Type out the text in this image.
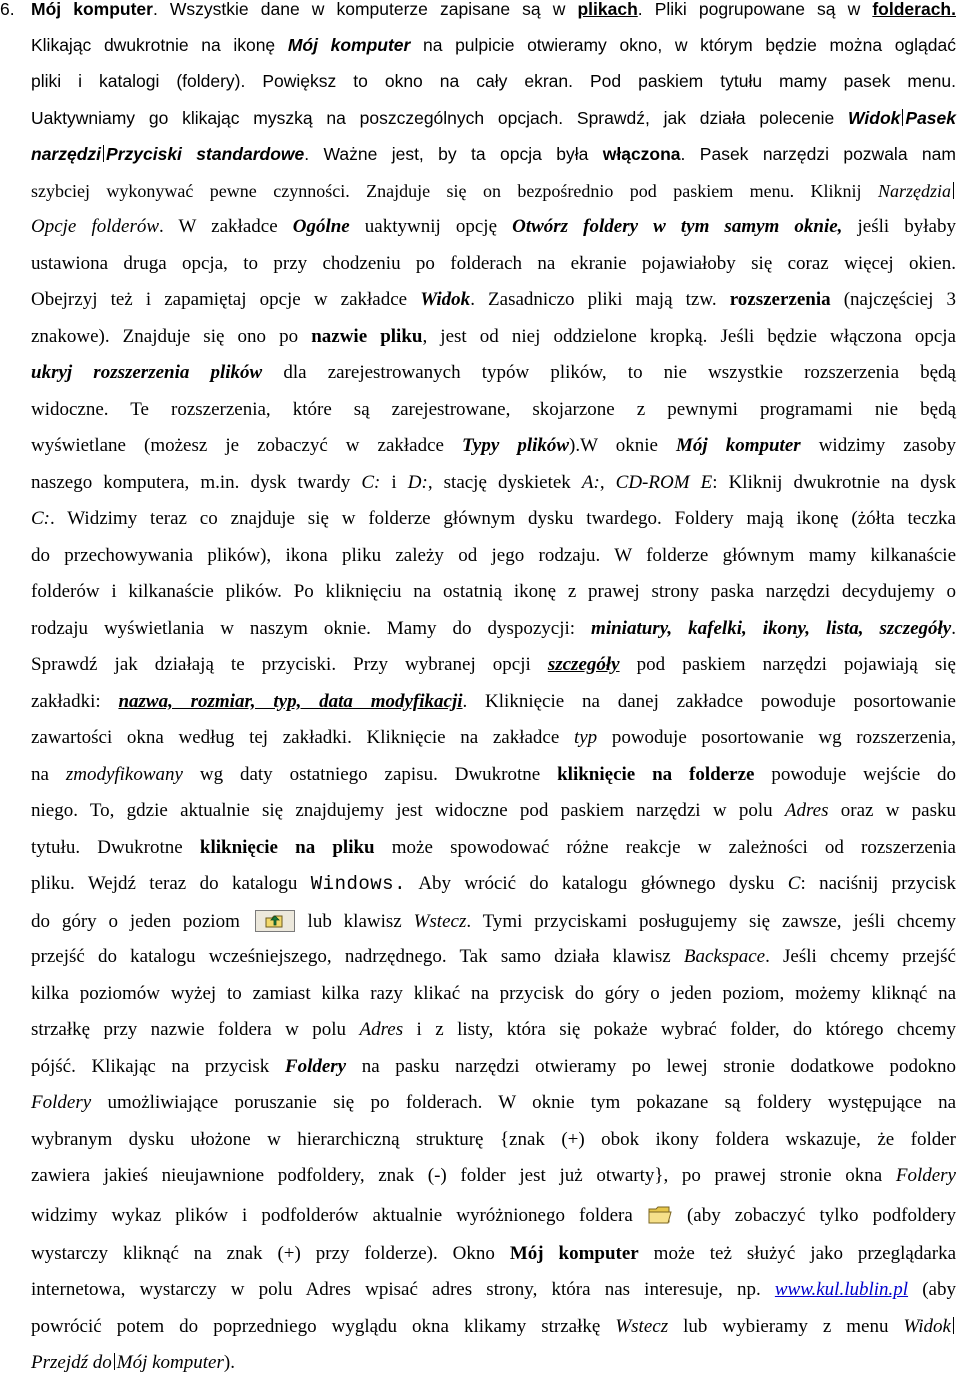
6. Mój komputer. Wszystkie dane w komputerze zapisane są w plikach. Pliki pogrupowane są w folderach.
Klikając dwukrotnie na ikonę Mój komputer na pulpicie otwieramy okno, w którym będzie można oglądać
pliki i katalogi (foldery). Powiększ to okno na cały ekran. Pod paskiem tytułu mamy pasek menu.
Uaktywniamy go klikając myszką na poszczególnych opcjach. Sprawdź, jak działa polecenie Widok Pasek
narzędzi Przyciski standardowe. Ważne jest, by ta opcja była włączona. Pasek narzędzi pozwala nam
szybciej wykonywać pewne czynności. Znajduje się on bezpośrednio pod paskiem menu. Kliknij Narzędzia
Opcje folderów. W zakładce Ogólne uaktywnij opcję Otwórz foldery w tym samym oknie, jeśli byłaby
ustawiona druga opcja, to przy chodzeniu po folderach na ekranie pojawiałoby się coraz więcej okien.
Obejrzyj też i zapamiętaj opcje w zakładce Widok. Zasadniczo pliki mają tzw. rozszerzenia (najczęściej 3
znakowe). Znajduje się ono po nazwie pliku, jest od niej oddzielone kropką. Jeśli będzie włączona opcja
ukryj rozszerzenia plików dla zarejestrowanych typów plików, to nie wszystkie rozszerzenia będą
widoczne. Te rozszerzenia, które są zarejestrowane, skojarzone z pewnymi programami nie będą
wyświetlane (możesz je zobaczyć w zakładce Typy plików).W oknie Mój komputer widzimy zasoby
naszego komputera, m.in. dysk twardy C: i D:, stację dyskietek A:, CD-ROM E: Kliknij dwukrotnie na dysk
C:. Widzimy teraz co znajduje się w folderze głównym dysku twardego. Foldery mają ikonę (żółta teczka
do przechowywania plików), ikona pliku zależy od jego rodzaju. W folderze głównym mamy kilkanaście
folderów i kilkanaście plików. Po kliknięciu na ostatnią ikonę z prawej strony paska narzędzi decydujemy o
rodzaju wyświetlania w naszym oknie. Mamy do dyspozycji: miniatury, kafelki, ikony, lista, szczegóły.
Sprawdź jak działają te przyciski. Przy wybranej opcji szczegóły pod paskiem narzędzi pojawiają się
zakładki: nazwa, rozmiar, typ, data modyfikacji. Kliknięcie na danej zakładce powoduje posortowanie
zawartości okna według tej zakładki. Kliknięcie na zakładce typ powoduje posortowanie wg rozszerzenia,
na zmodyfikowany wg daty ostatniego zapisu. Dwukrotne kliknięcie na folderze powoduje wejście do
niego. To, gdzie aktualnie się znajdujemy jest widoczne pod paskiem narzędzi w polu Adres oraz w pasku
tytułu. Dwukrotne kliknięcie na pliku może spowodować różne reakcje w zależności od rozszerzenia
pliku. Wejdź teraz do katalogu Windows. Aby wrócić do katalogu głównego dysku C: naciśnij przycisk
do góry o jeden poziom
lub klawisz Wstecz. Tymi przyciskami posługujemy się zawsze, jeśli chcemy
przejść do katalogu wcześniejszego, nadrzędnego. Tak samo działa klawisz Backspace. Jeśli chcemy przejść
kilka poziomów wyżej to zamiast kilka razy klikać na przycisk do góry o jeden poziom, możemy kliknąć na
strzałkę przy nazwie foldera w polu Adres i z listy, która się pokaże wybrać folder, do którego chcemy
pójść. Klikając na przycisk Foldery na pasku narzędzi otwieramy po lewej stronie dodatkowe podokno
Foldery umożliwiające poruszanie się po folderach. W oknie tym pokazane są foldery występujące na
wybranym dysku ułożone w hierarchiczną strukturę {znak (+) obok ikony foldera wskazuje, że folder
zawiera jakieś nieujawnione podfoldery, znak (-) folder jest już otwarty}, po prawej stronie okna Foldery
widzimy wykaz plików i podfolderów aktualnie wyróżnionego foldera  (aby zobaczyć tylko podfoldery
wystarczy kliknąć na znak (+) przy folderze). Okno Mój komputer może też służyć jako przeglądarka
internetowa, wystarczy w polu Adres wpisać adres strony, która nas interesuje, np. www.kul.lublin.pl (aby
powrócić potem do poprzedniego wyglądu okna klikamy strzałkę Wstecz lub wybieramy z menu Widok
Przejdź do Mój komputer).
